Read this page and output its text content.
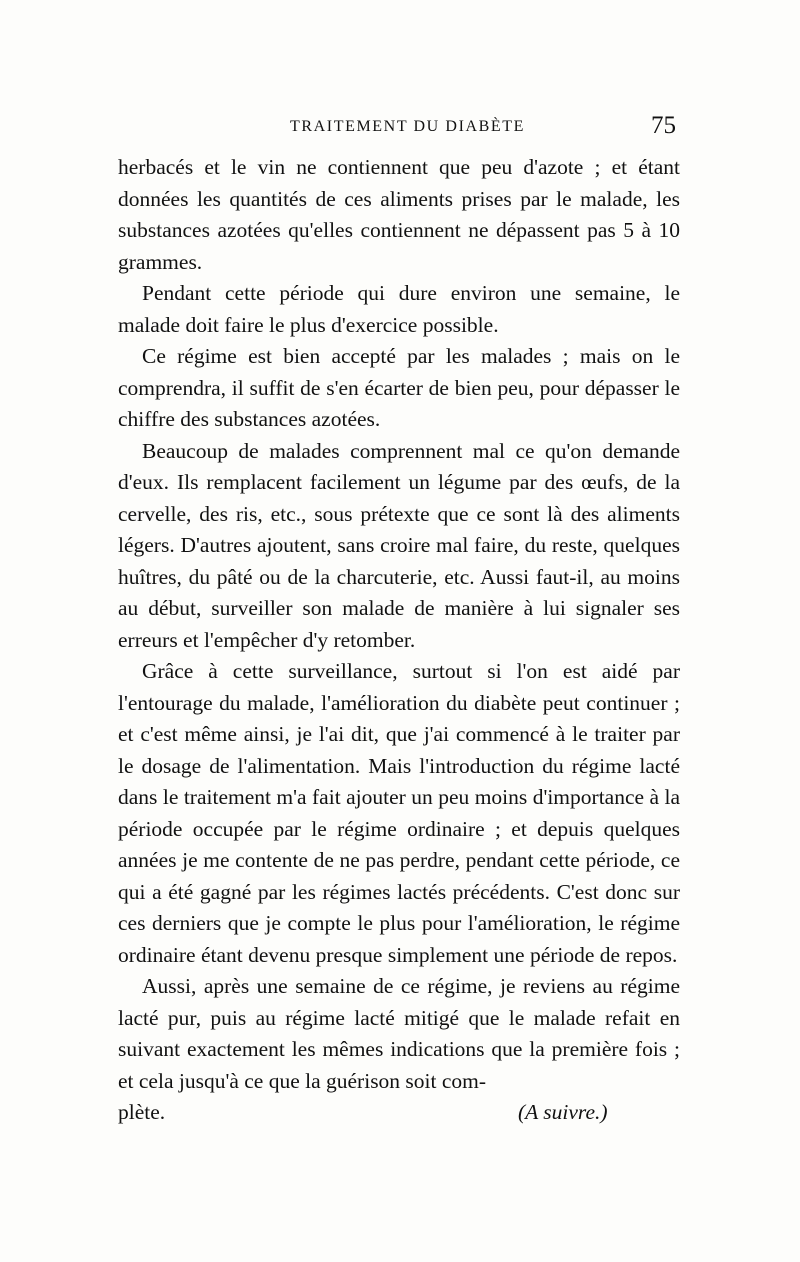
TRAITEMENT DU DIABÈTE	75

herbacés et le vin ne contiennent que peu d'azote ; et étant données les quantités de ces aliments prises par le malade, les substances azotées qu'elles contiennent ne dépassent pas 5 à 10 grammes.

Pendant cette période qui dure environ une semaine, le malade doit faire le plus d'exercice possible.

Ce régime est bien accepté par les malades ; mais on le comprendra, il suffit de s'en écarter de bien peu, pour dépasser le chiffre des substances azotées.

Beaucoup de malades comprennent mal ce qu'on demande d'eux. Ils remplacent facilement un légume par des œufs, de la cervelle, des ris, etc., sous prétexte que ce sont là des aliments légers. D'autres ajoutent, sans croire mal faire, du reste, quelques huîtres, du pâté ou de la charcuterie, etc. Aussi faut-il, au moins au début, surveiller son malade de manière à lui signaler ses erreurs et l'empêcher d'y retomber.

Grâce à cette surveillance, surtout si l'on est aidé par l'entourage du malade, l'amélioration du diabète peut continuer ; et c'est même ainsi, je l'ai dit, que j'ai commencé à le traiter par le dosage de l'alimentation. Mais l'introduction du régime lacté dans le traitement m'a fait ajouter un peu moins d'importance à la période occupée par le régime ordinaire ; et depuis quelques années je me contente de ne pas perdre, pendant cette période, ce qui a été gagné par les régimes lactés précédents. C'est donc sur ces derniers que je compte le plus pour l'amélioration, le régime ordinaire étant devenu presque simplement une période de repos.

Aussi, après une semaine de ce régime, je reviens au régime lacté pur, puis au régime lacté mitigé que le malade refait en suivant exactement les mêmes indications que la première fois ; et cela jusqu'à ce que la guérison soit com-

plète.	(A suivre.)
